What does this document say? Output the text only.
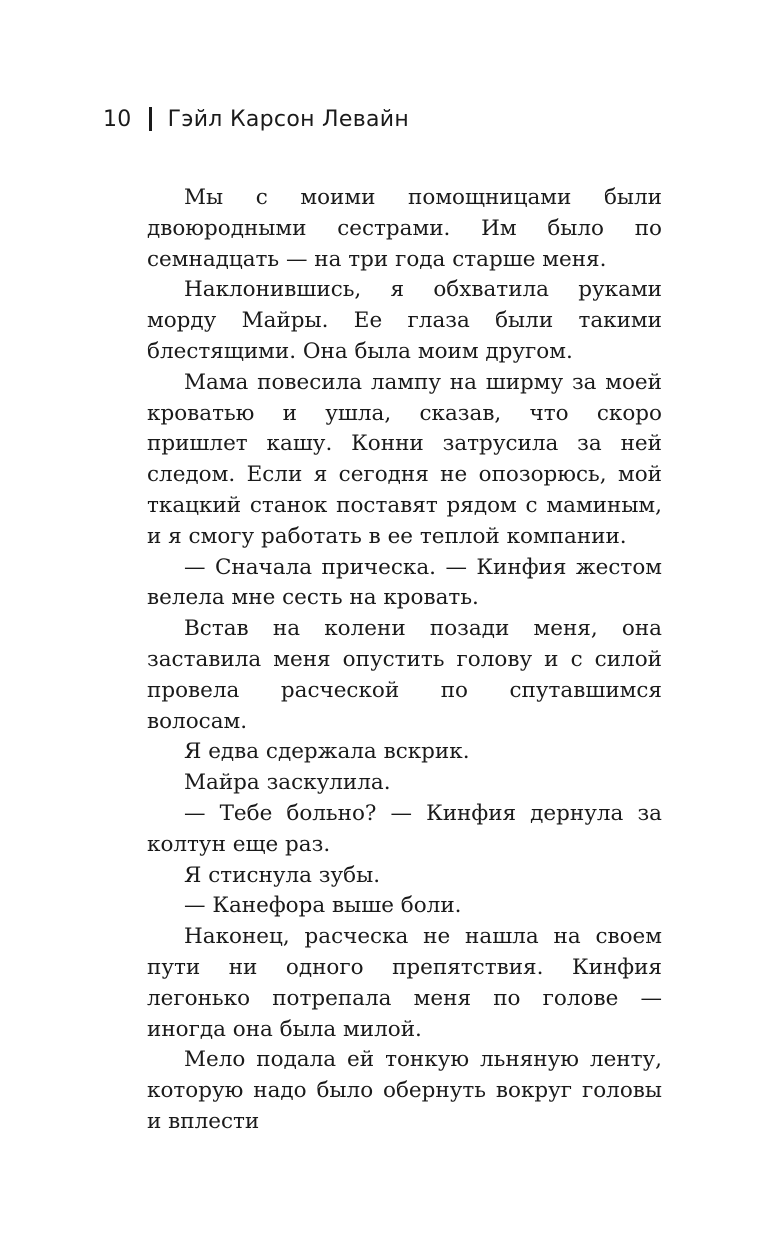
10 Гэйл Карсон Левайн

Мы с моими помощницами были двоюродными сестрами. Им было по семнадцать — на три года старше меня.

Наклонившись, я обхватила руками морду Майры. Ее глаза были такими блестящими. Она была моим другом.

Мама повесила лампу на ширму за моей кроватью и ушла, сказав, что скоро пришлет кашу. Конни затрусила за ней следом. Если я сегодня не опозорюсь, мой ткацкий станок поставят рядом с маминым, и я смогу работать в ее теплой компании.

— Сначала прическа. — Кинфия жестом велела мне сесть на кровать.

Встав на колени позади меня, она заставила меня опустить голову и с силой провела расческой по спутавшимся волосам.

Я едва сдержала вскрик.

Майра заскулила.

— Тебе больно? — Кинфия дернула за колтун еще раз.

Я стиснула зубы.

— Канефора выше боли.

Наконец, расческа не нашла на своем пути ни одного препятствия. Кинфия легонько потрепала меня по голове — иногда она была милой.

Мело подала ей тонкую льняную ленту, которую надо было обернуть вокруг головы и вплести
